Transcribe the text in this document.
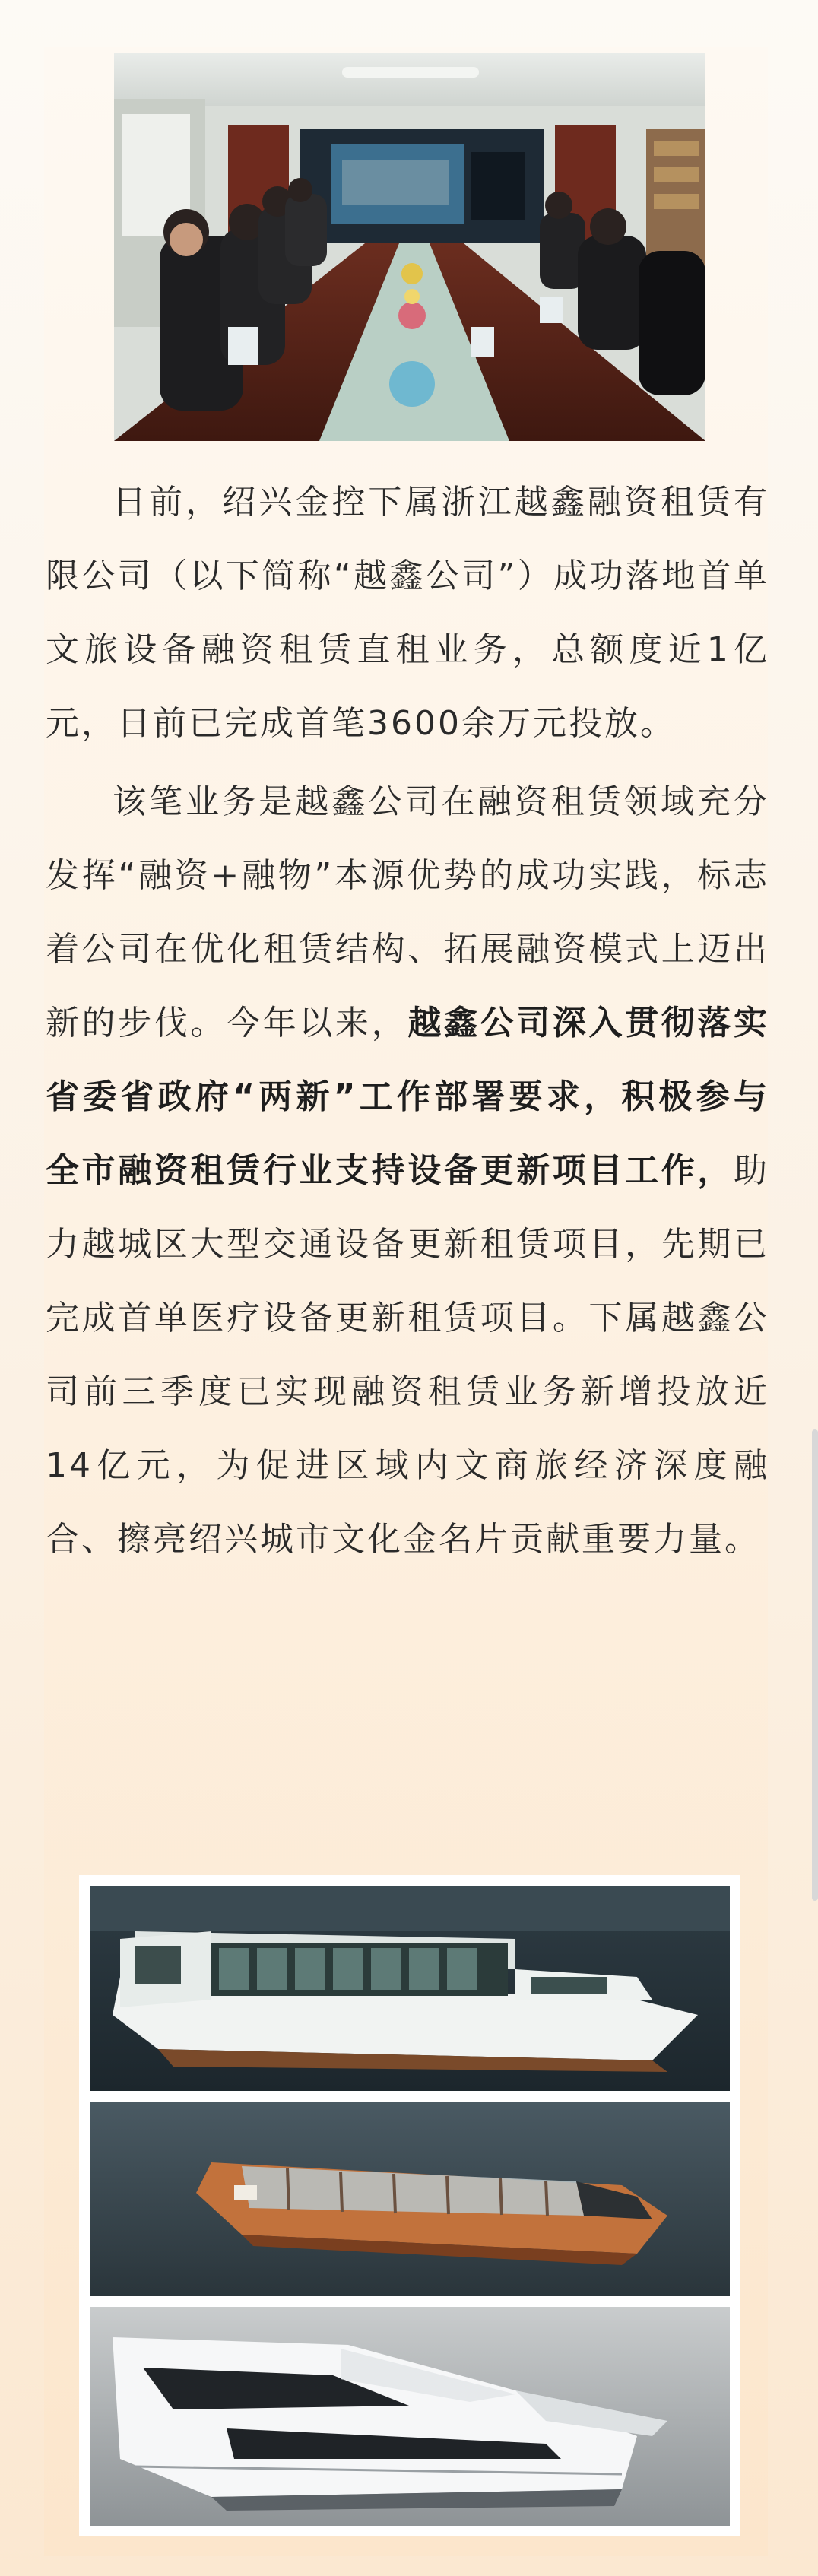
日前，绍兴金控下属浙江越鑫融资租赁有限公司（以下简称“越鑫公司”）成功落地首单文旅设备融资租赁直租业务，总额度近1亿元，日前已完成首笔3600余万元投放。

该笔业务是越鑫公司在融资租赁领域充分发挥“融资+融物”本源优势的成功实践，标志着公司在优化租赁结构、拓展融资模式上迈出新的步伐。今年以来，越鑫公司深入贯彻落实省委省政府“两新”工作部署要求，积极参与全市融资租赁行业支持设备更新项目工作，助力越城区大型交通设备更新租赁项目，先期已完成首单医疗设备更新租赁项目。下属越鑫公司前三季度已实现融资租赁业务新增投放近14亿元，为促进区域内文商旅经济深度融合、擦亮绍兴城市文化金名片贡献重要力量。
